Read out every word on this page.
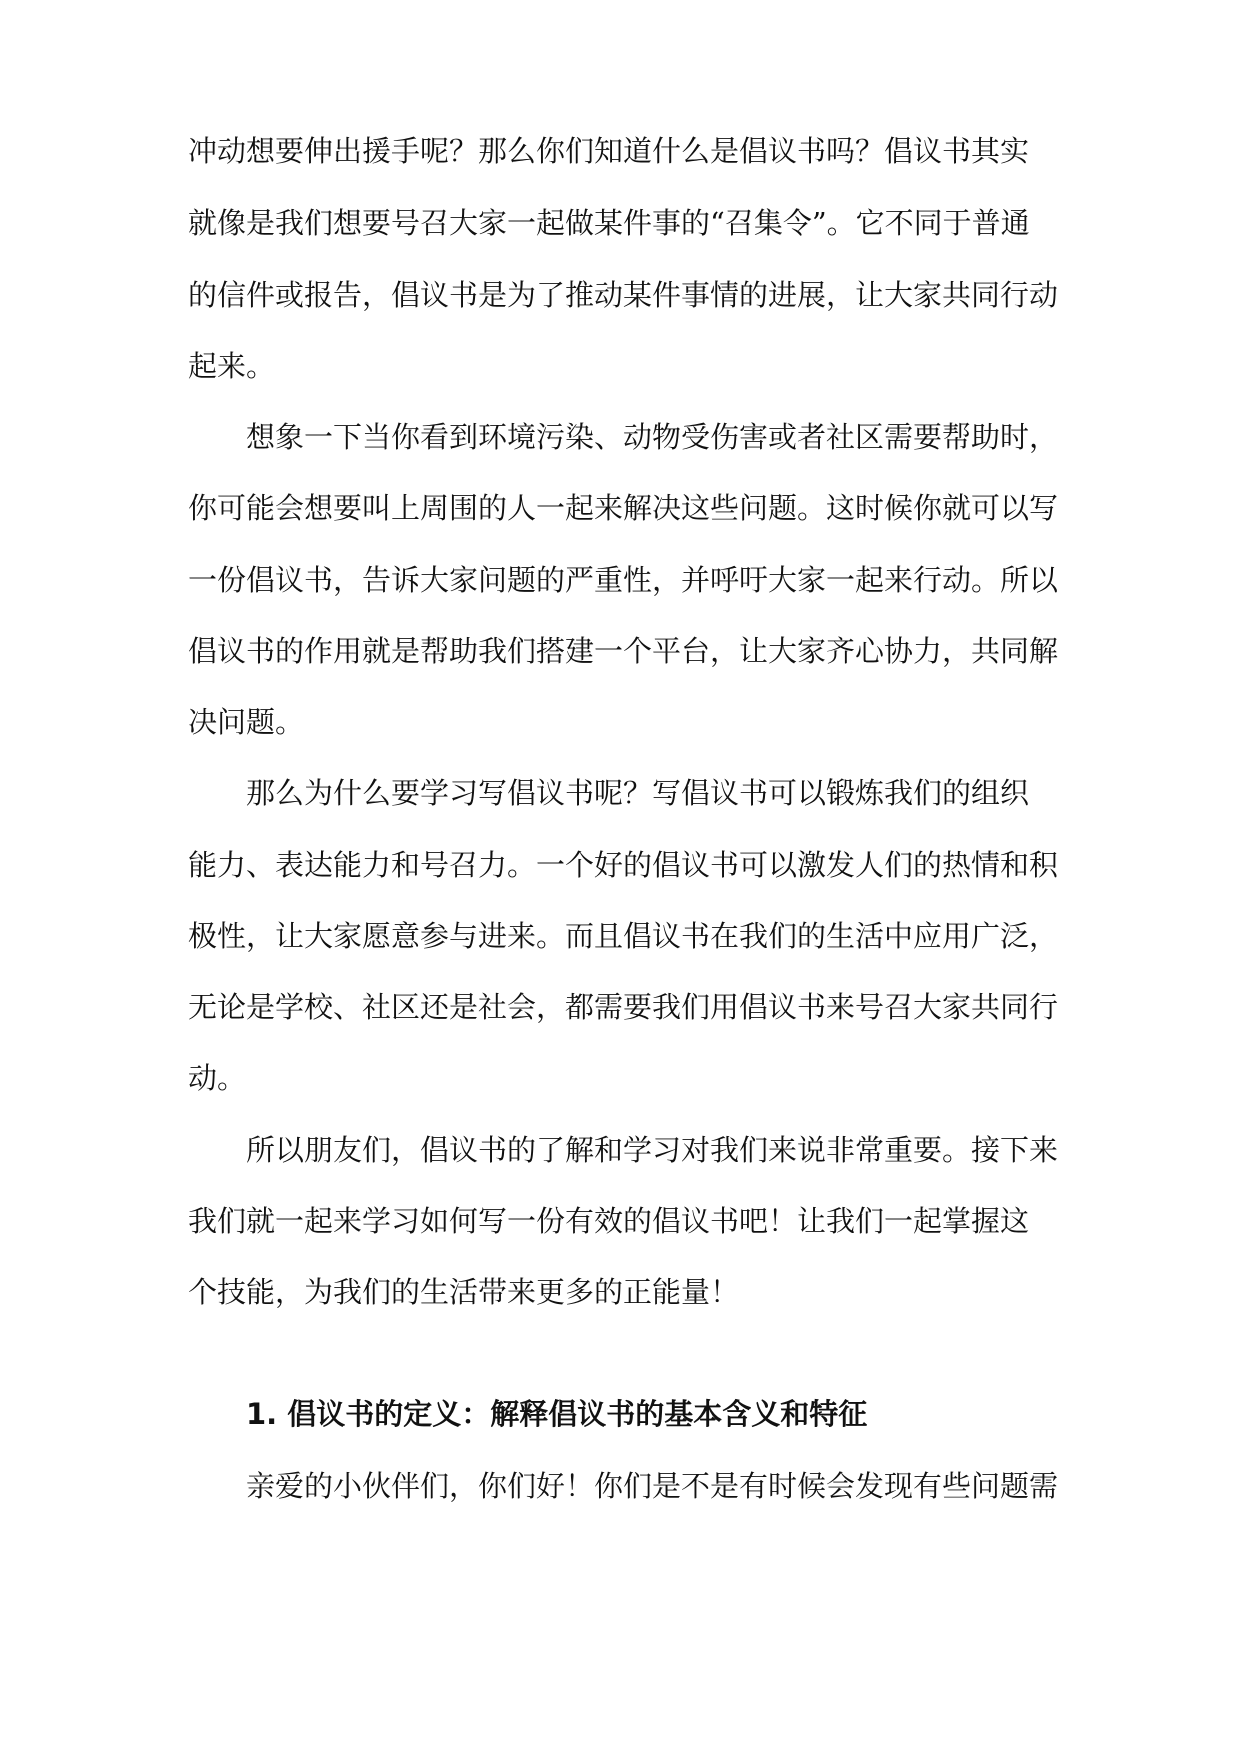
冲动想要伸出援手呢？那么你们知道什么是倡议书吗？倡议书其实
就像是我们想要号召大家一起做某件事的“召集令”。它不同于普通
的信件或报告，倡议书是为了推动某件事情的进展，让大家共同行动
起来。
想象一下当你看到环境污染、动物受伤害或者社区需要帮助时，
你可能会想要叫上周围的人一起来解决这些问题。这时候你就可以写
一份倡议书，告诉大家问题的严重性，并呼吁大家一起来行动。所以
倡议书的作用就是帮助我们搭建一个平台，让大家齐心协力，共同解
决问题。
那么为什么要学习写倡议书呢？写倡议书可以锻炼我们的组织
能力、表达能力和号召力。一个好的倡议书可以激发人们的热情和积
极性，让大家愿意参与进来。而且倡议书在我们的生活中应用广泛，
无论是学校、社区还是社会，都需要我们用倡议书来号召大家共同行
动。
所以朋友们，倡议书的了解和学习对我们来说非常重要。接下来
我们就一起来学习如何写一份有效的倡议书吧！让我们一起掌握这
个技能，为我们的生活带来更多的正能量！
1. 倡议书的定义：解释倡议书的基本含义和特征
亲爱的小伙伴们，你们好！你们是不是有时候会发现有些问题需
